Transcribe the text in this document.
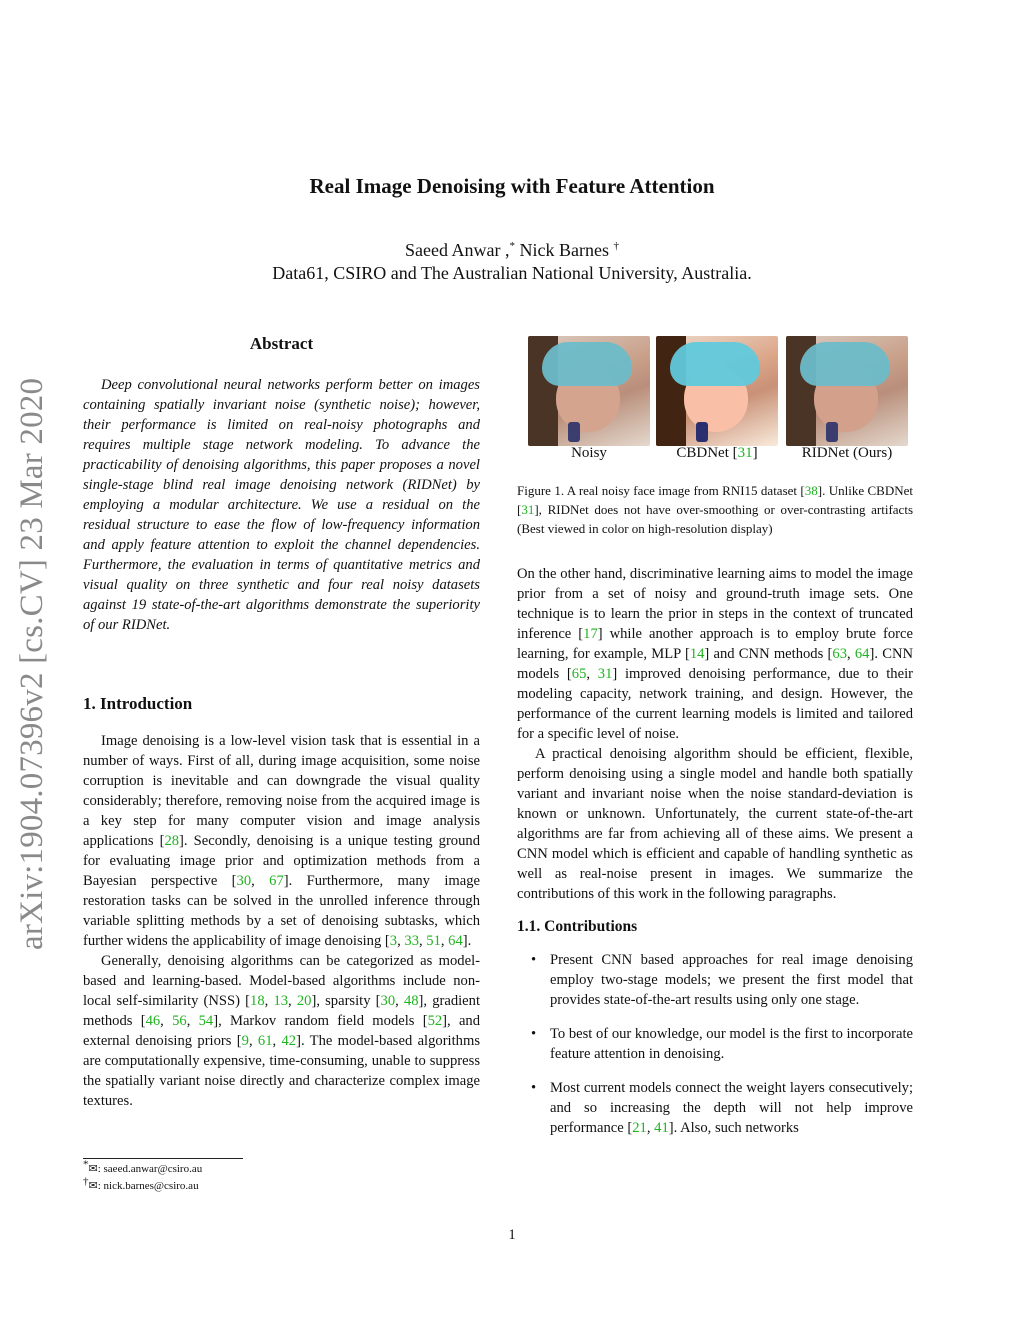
Real Image Denoising with Feature Attention
Saeed Anwar ,* Nick Barnes †
Data61, CSIRO and The Australian National University, Australia.
arXiv:1904.07396v2 [cs.CV] 23 Mar 2020
Abstract
Deep convolutional neural networks perform better on images containing spatially invariant noise (synthetic noise); however, their performance is limited on real-noisy photographs and requires multiple stage network modeling. To advance the practicability of denoising algorithms, this paper proposes a novel single-stage blind real image denoising network (RIDNet) by employing a modular architecture. We use a residual on the residual structure to ease the flow of low-frequency information and apply feature attention to exploit the channel dependencies. Furthermore, the evaluation in terms of quantitative metrics and visual quality on three synthetic and four real noisy datasets against 19 state-of-the-art algorithms demonstrate the superiority of our RIDNet.
1. Introduction

Image denoising is a low-level vision task that is essential in a number of ways. First of all, during image acquisition, some noise corruption is inevitable and can downgrade the visual quality considerably; therefore, removing noise from the acquired image is a key step for many computer vision and image analysis applications [28]. Secondly, denoising is a unique testing ground for evaluating image prior and optimization methods from a Bayesian perspective [30, 67]. Furthermore, many image restoration tasks can be solved in the unrolled inference through variable splitting methods by a set of denoising subtasks, which further widens the applicability of image denoising [3, 33, 51, 64].

Generally, denoising algorithms can be categorized as model-based and learning-based. Model-based algorithms include non-local self-similarity (NSS) [18, 13, 20], sparsity [30, 48], gradient methods [46, 56, 54], Markov random field models [52], and external denoising priors [9, 61, 42]. The model-based algorithms are computationally expensive, time-consuming, unable to suppress the spatially variant noise directly and characterize complex image textures.

*✉: saeed.anwar@csiro.au
†✉: nick.barnes@csiro.au
Noisy	CBDNet [31]	RIDNet (Ours)
Figure 1. A real noisy face image from RNI15 dataset [38]. Unlike CBDNet [31], RIDNet does not have over-smoothing or over-contrasting artifacts (Best viewed in color on high-resolution display)

On the other hand, discriminative learning aims to model the image prior from a set of noisy and ground-truth image sets. One technique is to learn the prior in steps in the context of truncated inference [17] while another approach is to employ brute force learning, for example, MLP [14] and CNN methods [63, 64]. CNN models [65, 31] improved denoising performance, due to their modeling capacity, network training, and design. However, the performance of the current learning models is limited and tailored for a specific level of noise.

A practical denoising algorithm should be efficient, flexible, perform denoising using a single model and handle both spatially variant and invariant noise when the noise standard-deviation is known or unknown. Unfortunately, the current state-of-the-art algorithms are far from achieving all of these aims. We present a CNN model which is efficient and capable of handling synthetic as well as real-noise present in images. We summarize the contributions of this work in the following paragraphs.

1.1. Contributions
• Present CNN based approaches for real image denoising employ two-stage models; we present the first model that provides state-of-the-art results using only one stage.
• To best of our knowledge, our model is the first to incorporate feature attention in denoising.
• Most current models connect the weight layers consecutively; and so increasing the depth will not help improve performance [21, 41]. Also, such networks
1
